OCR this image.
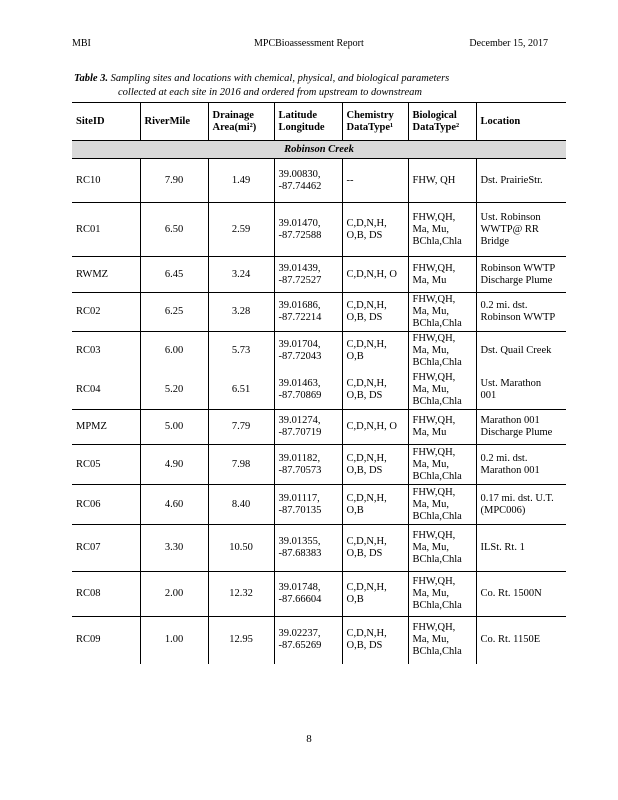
MBI	MPCBioassessment Report	December 15, 2017
Table 3. Sampling sites and locations with chemical, physical, and biological parameters
collected at each site in 2016 and ordered from upstream to downstream
SiteID	RiverMile	Drainage
Area(mi²)	Latitude
Longitude	Chemistry
DataType¹	Biological
DataType²	Location
Robinson Creek						
RC10	7.90	1.49	39.00830,
-87.74462	--	FHW, QH	Dst. PrairieStr.
RC01	6.50	2.59	39.01470,
-87.72588	C,D,N,H,
O,B, DS	FHW,QH,
Ma, Mu,
BChla,Chla	Ust. Robinson
WWTP@ RR
Bridge
RWMZ	6.45	3.24	39.01439,
-87.72527	C,D,N,H, O	FHW,QH,
Ma, Mu	Robinson WWTP
Discharge Plume
RC02	6.25	3.28	39.01686,
-87.72214	C,D,N,H,
O,B, DS	FHW,QH,
Ma, Mu,
BChla,Chla	0.2 mi. dst.
Robinson WWTP
RC03	6.00	5.73	39.01704,
-87.72043	C,D,N,H,
O,B	FHW,QH,
Ma, Mu,
BChla,Chla	Dst. Quail Creek
RC04	5.20	6.51	39.01463,
-87.70869	C,D,N,H,
O,B, DS	FHW,QH,
Ma, Mu,
BChla,Chla	Ust. Marathon
001
MPMZ	5.00	7.79	39.01274,
-87.70719	C,D,N,H, O	FHW,QH,
Ma, Mu	Marathon 001
Discharge Plume
RC05	4.90	7.98	39.01182,
-87.70573	C,D,N,H,
O,B, DS	FHW,QH,
Ma, Mu,
BChla,Chla	0.2 mi. dst.
Marathon 001
RC06	4.60	8.40	39.01117,
-87.70135	C,D,N,H,
O,B	FHW,QH,
Ma, Mu,
BChla,Chla	0.17 mi. dst. U.T.
(MPC006)
RC07	3.30	10.50	39.01355,
-87.68383	C,D,N,H,
O,B, DS	FHW,QH,
Ma, Mu,
BChla,Chla	ILSt. Rt. 1
RC08	2.00	12.32	39.01748,
-87.66604	C,D,N,H,
O,B	FHW,QH,
Ma, Mu,
BChla,Chla	Co. Rt. 1500N
RC09	1.00	12.95	39.02237,
-87.65269	C,D,N,H,
O,B, DS	FHW,QH,
Ma, Mu,
BChla,Chla	Co. Rt. 1150E
8
